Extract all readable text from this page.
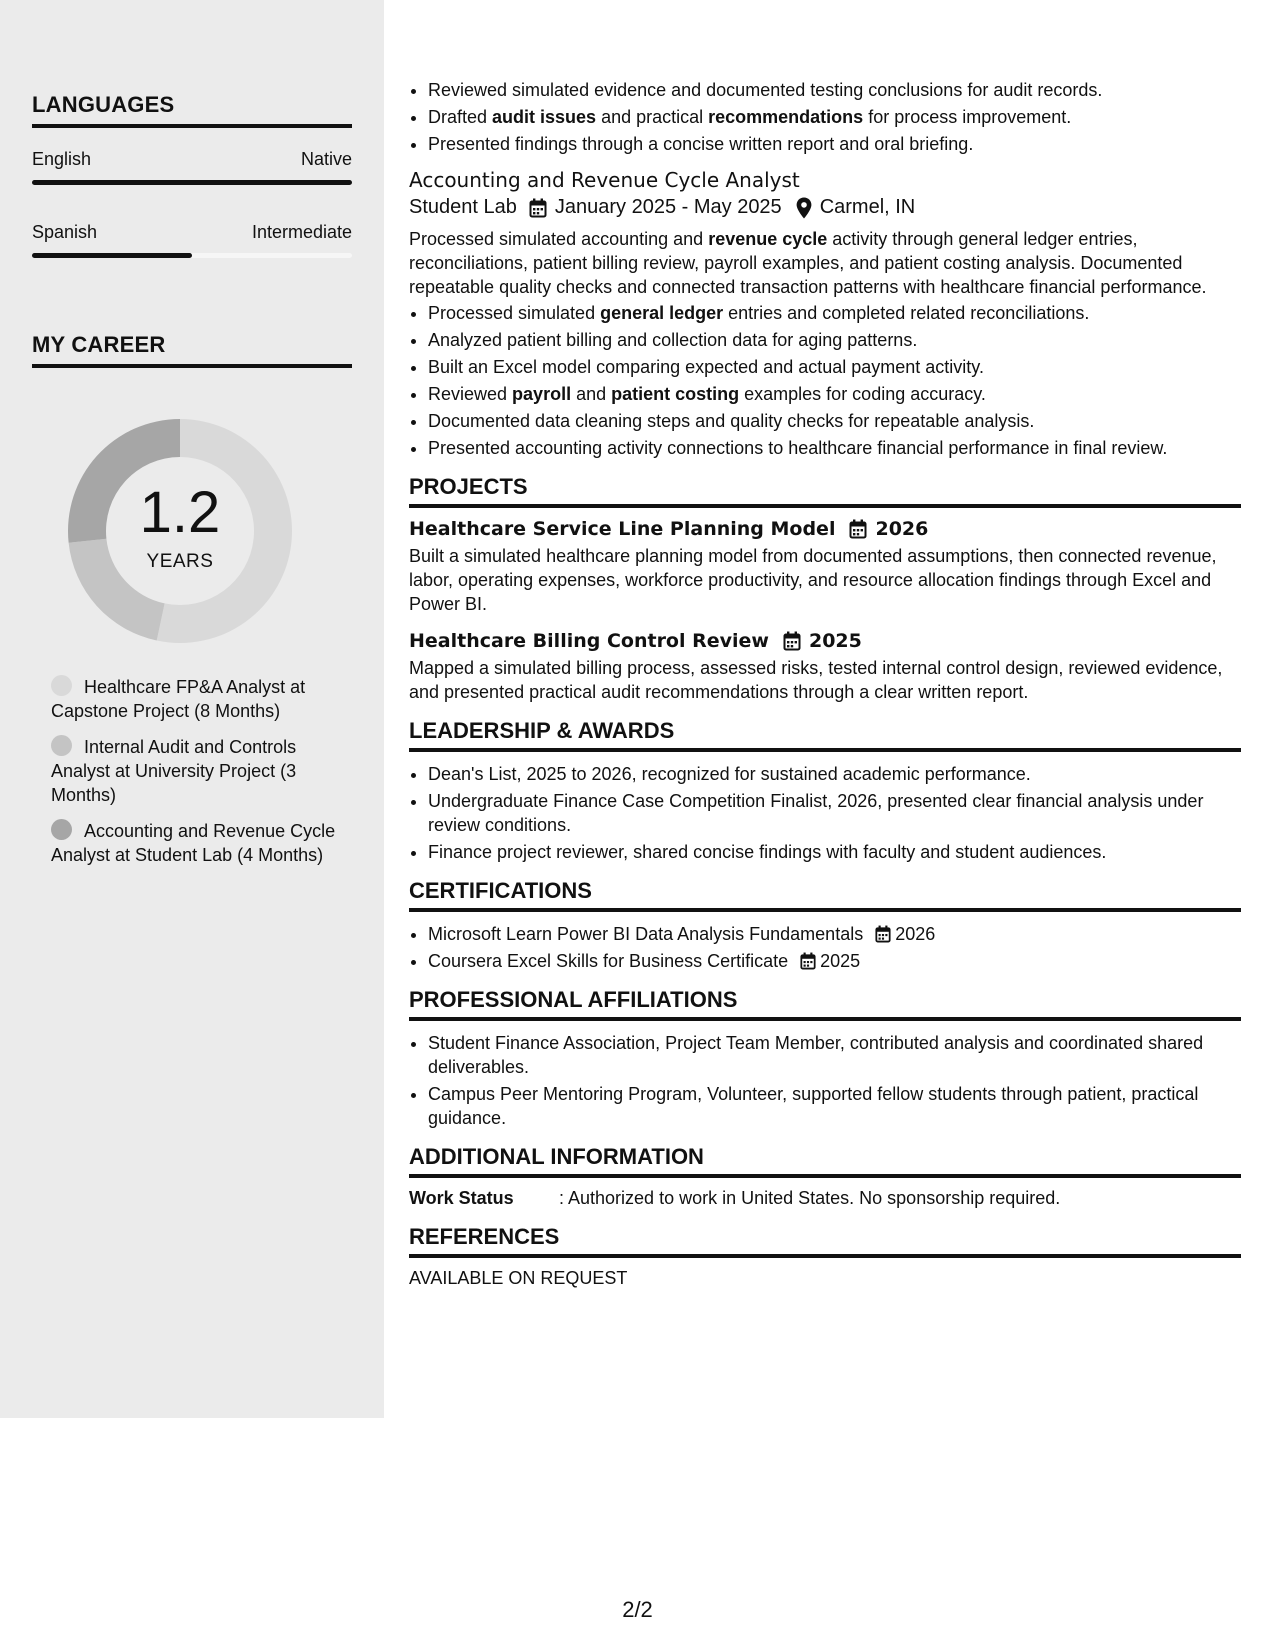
LANGUAGES
English	Native
Spanish	Intermediate
MY CAREER
1.2
YEARS
Healthcare FP&A Analyst at Capstone Project (8 Months)
Internal Audit and Controls Analyst at University Project (3 Months)
Accounting and Revenue Cycle Analyst at Student Lab (4 Months)
• Reviewed simulated evidence and documented testing conclusions for audit records.
• Drafted audit issues and practical recommendations for process improvement.
• Presented findings through a concise written report and oral briefing.
Accounting and Revenue Cycle Analyst
Student Lab January 2025 - May 2025 Carmel, IN

Processed simulated accounting and revenue cycle activity through general ledger entries, reconciliations, patient billing review, payroll examples, and patient costing analysis. Documented repeatable quality checks and connected transaction patterns with healthcare financial performance.

• Processed simulated general ledger entries and completed related reconciliations.
• Analyzed patient billing and collection data for aging patterns.
• Built an Excel model comparing expected and actual payment activity.
• Reviewed payroll and patient costing examples for coding accuracy.
• Documented data cleaning steps and quality checks for repeatable analysis.
• Presented accounting activity connections to healthcare financial performance in final review.
PROJECTS
Healthcare Service Line Planning Model 2026

Built a simulated healthcare planning model from documented assumptions, then connected revenue, labor, operating expenses, workforce productivity, and resource allocation findings through Excel and Power BI.

Healthcare Billing Control Review 2025

Mapped a simulated billing process, assessed risks, tested internal control design, reviewed evidence, and presented practical audit recommendations through a clear written report.

LEADERSHIP & AWARDS
• Dean's List, 2025 to 2026, recognized for sustained academic performance.
• Undergraduate Finance Case Competition Finalist, 2026, presented clear financial analysis under review conditions.
• Finance project reviewer, shared concise findings with faculty and student audiences.
CERTIFICATIONS
• Microsoft Learn Power BI Data Analysis Fundamentals 2026
• Coursera Excel Skills for Business Certificate 2025
PROFESSIONAL AFFILIATIONS
• Student Finance Association, Project Team Member, contributed analysis and coordinated shared deliverables.
• Campus Peer Mentoring Program, Volunteer, supported fellow students through patient, practical guidance.
ADDITIONAL INFORMATION
Work Status	: Authorized to work in United States. No sponsorship required.
REFERENCES
AVAILABLE ON REQUEST
2/2
